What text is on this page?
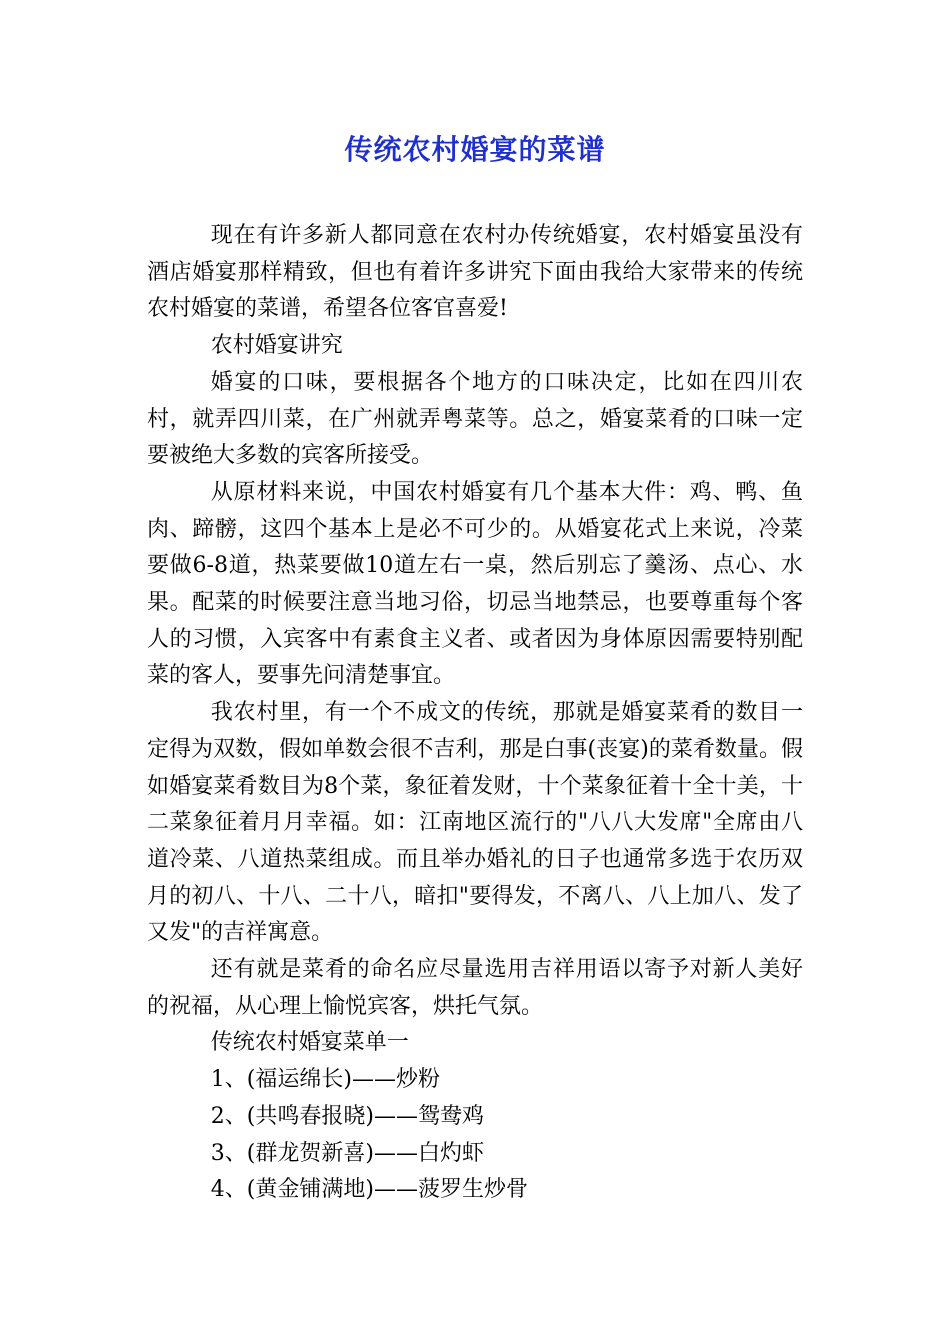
传统农村婚宴的菜谱

现在有许多新人都同意在农村办传统婚宴，农村婚宴虽没有酒店婚宴那样精致，但也有着许多讲究下面由我给大家带来的传统农村婚宴的菜谱，希望各位客官喜爱!

农村婚宴讲究

婚宴的口味，要根据各个地方的口味决定，比如在四川农村，就弄四川菜，在广州就弄粤菜等。总之，婚宴菜肴的口味一定要被绝大多数的宾客所接受。

从原材料来说，中国农村婚宴有几个基本大件：鸡、鸭、鱼肉、蹄髈，这四个基本上是必不可少的。从婚宴花式上来说，冷菜要做6-8道，热菜要做10道左右一桌，然后别忘了羹汤、点心、水果。配菜的时候要注意当地习俗，切忌当地禁忌，也要尊重每个客人的习惯，入宾客中有素食主义者、或者因为身体原因需要特别配菜的客人，要事先问清楚事宜。

我农村里，有一个不成文的传统，那就是婚宴菜肴的数目一定得为双数，假如单数会很不吉利，那是白事(丧宴)的菜肴数量。假如婚宴菜肴数目为8个菜，象征着发财，十个菜象征着十全十美，十二菜象征着月月幸福。如：江南地区流行的"八八大发席"全席由八道冷菜、八道热菜组成。而且举办婚礼的日子也通常多选于农历双月的初八、十八、二十八，暗扣"要得发，不离八、八上加八、发了又发"的吉祥寓意。

还有就是菜肴的命名应尽量选用吉祥用语以寄予对新人美好的祝福，从心理上愉悦宾客，烘托气氛。

传统农村婚宴菜单一

1、(福运绵长)——炒粉

2、(共鸣春报晓)——鸳鸯鸡

3、(群龙贺新喜)——白灼虾

4、(黄金铺满地)——菠罗生炒骨
